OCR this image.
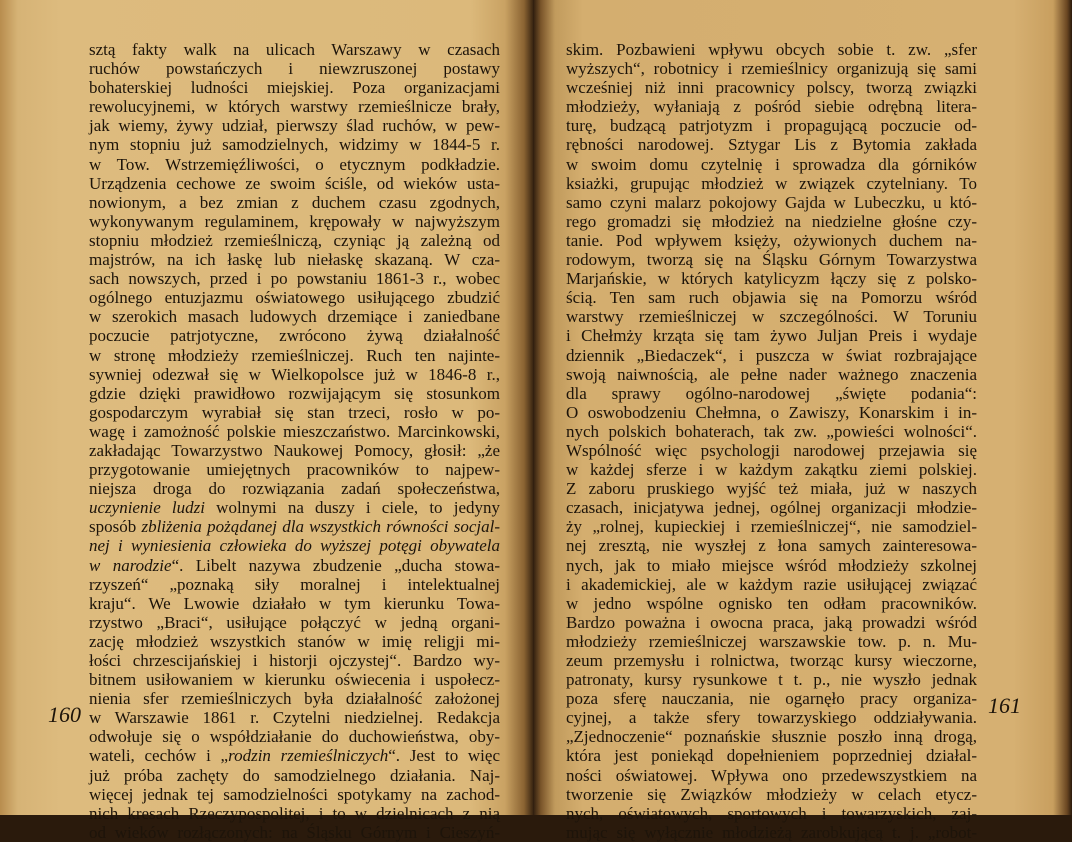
sztą fakty walk na ulicach Warszawy w czasach
ruchów powstańczych i niewzruszonej postawy
bohaterskiej ludności miejskiej. Poza organizacjami
rewolucyjnemi, w których warstwy rzemieślnicze brały,
jak wiemy, żywy udział, pierwszy ślad ruchów, w pew-
nym stopniu już samodzielnych, widzimy w 1844-5 r.
w Tow. Wstrzemięźliwości, o etycznym podkładzie.
Urządzenia cechowe ze swoim ściśle, od wieków usta-
nowionym, a bez zmian z duchem czasu zgodnych,
wykonywanym regulaminem, krępowały w najwyższym
stopniu młodzież rzemieślniczą, czyniąc ją zależną od
majstrów, na ich łaskę lub niełaskę skazaną. W cza-
sach nowszych, przed i po powstaniu 1861-3 r., wobec
ogólnego entuzjazmu oświatowego usiłującego zbudzić
w szerokich masach ludowych drzemiące i zaniedbane
poczucie patrjotyczne, zwrócono żywą działalność
w stronę młodzieży rzemieślniczej. Ruch ten najinte-
sywniej odezwał się w Wielkopolsce już w 1846-8 r.,
gdzie dzięki prawidłowo rozwijającym się stosunkom
gospodarczym wyrabiał się stan trzeci, rosło w po-
wagę i zamożność polskie mieszczaństwo. Marcinkowski,
zakładając Towarzystwo Naukowej Pomocy, głosił: „że
przygotowanie umiejętnych pracowników to najpew-
niejsza droga do rozwiązania zadań społeczeństwa,
uczynienie ludzi wolnymi na duszy i ciele, to jedyny
sposób zbliżenia pożądanej dla wszystkich równości socjal-
nej i wyniesienia człowieka do wyższej potęgi obywatela
w narodzie“. Libelt nazywa zbudzenie „ducha stowa-
rzyszeń“ „poznaką siły moralnej i intelektualnej
kraju“. We Lwowie działało w tym kierunku Towa-
rzystwo „Braci“, usiłujące połączyć w jedną organi-
zację młodzież wszystkich stanów w imię religji mi-
łości chrzescijańskiej i historji ojczystej“. Bardzo wy-
bitnem usiłowaniem w kierunku oświecenia i uspołecz-
nienia sfer rzemieślniczych była działalność założonej
w Warszawie 1861 r. Czytelni niedzielnej. Redakcja
odwołuje się o współdziałanie do duchowieństwa, oby-
wateli, cechów i „rodzin rzemieślniczych“. Jest to więc
już próba zachęty do samodzielnego działania. Naj-
więcej jednak tej samodzielności spotykamy na zachod-
nich kresach Rzeczypospolitej, i to w dzielnicach z nią
od wieków rozłączonych: na Śląsku Górnym i Cieszyń-
160
skim. Pozbawieni wpływu obcych sobie t. zw. „sfer
wyższych“, robotnicy i rzemieślnicy organizują się sami
wcześniej niż inni pracownicy polscy, tworzą związki
młodzieży, wyłaniają z pośród siebie odrębną litera-
turę, budzącą patrjotyzm i propagującą poczucie od-
rębności narodowej. Sztygar Lis z Bytomia zakłada
w swoim domu czytelnię i sprowadza dla górników
ksiażki, grupując młodzież w związek czytelniany. To
samo czyni malarz pokojowy Gajda w Lubeczku, u któ-
rego gromadzi się młodzież na niedzielne głośne czy-
tanie. Pod wpływem księży, ożywionych duchem na-
rodowym, tworzą się na Śląsku Górnym Towarzystwa
Marjańskie, w których katylicyzm łączy się z polsko-
ścią. Ten sam ruch objawia się na Pomorzu wśród
warstwy rzemieślniczej w szczególności. W Toruniu
i Chełmży krząta się tam żywo Juljan Preis i wydaje
dziennik „Biedaczek“, i puszcza w świat rozbrajające
swoją naiwnością, ale pełne nader ważnego znaczenia
dla sprawy ogólno-narodowej „święte podania“:
O oswobodzeniu Chełmna, o Zawiszy, Konarskim i in-
nych polskich bohaterach, tak zw. „powieści wolności“.
Wspólność więc psychologji narodowej przejawia się
w każdej sferze i w każdym zakątku ziemi polskiej.
Z zaboru pruskiego wyjść też miała, już w naszych
czasach, inicjatywa jednej, ogólnej organizacji młodzie-
ży „rolnej, kupieckiej i rzemieślniczej“, nie samodziel-
nej zresztą, nie wyszłej z łona samych zainteresowa-
nych, jak to miało miejsce wśród młodzieży szkolnej
i akademickiej, ale w każdym razie usiłującej związać
w jedno wspólne ognisko ten odłam pracowników.
Bardzo poważna i owocna praca, jaką prowadzi wśród
młodzieży rzemieślniczej warszawskie tow. p. n. Mu-
zeum przemysłu i rolnictwa, tworząc kursy wieczorne,
patronaty, kursy rysunkowe t t. p., nie wyszło jednak
poza sferę nauczania, nie ogarnęło pracy organiza-
cyjnej, a także sfery towarzyskiego oddziaływania.
„Zjednoczenie“ poznańskie słusznie poszło inną drogą,
która jest poniekąd dopełnieniem poprzedniej działal-
ności oświatowej. Wpływa ono przedewszystkiem na
tworzenie się Związków młodzieży w celach etycz-
nych, oświatowych, sportowych i towarzyskich, zaj-
mując się wyłącznie młodzieżą zarobkującą t. j. „robot-
161
